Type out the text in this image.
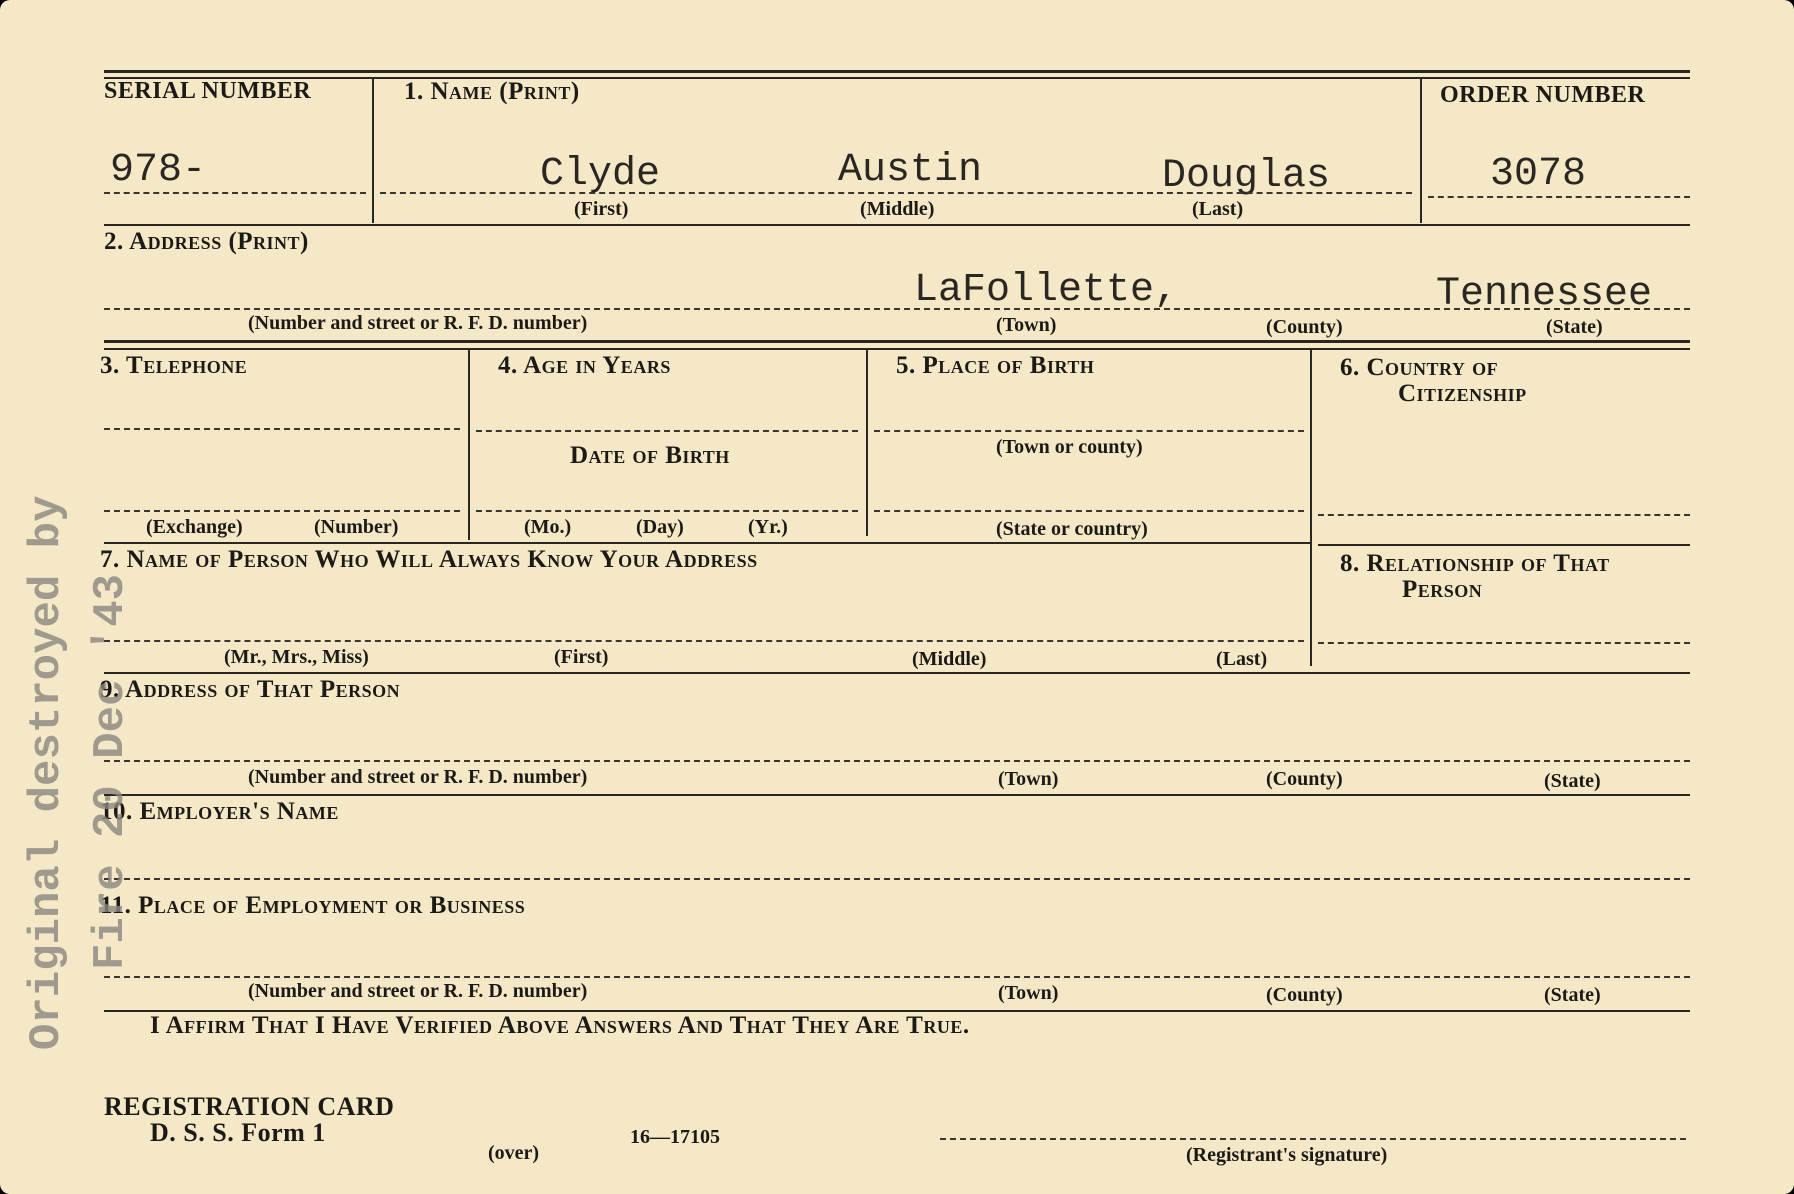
SERIAL NUMBER
978-
1. Name (Print)
Clyde	Austin	Douglas
(First)	(Middle)	(Last)
ORDER NUMBER
3078
2. Address (Print)
LaFollette,	Tennessee
(Number and street or R. F. D. number)	(Town)	(County)	(State)
3. Telephone
(Exchange)	(Number)
4. Age in Years
Date of Birth
(Mo.)	(Day)	(Yr.)
5. Place of Birth
(Town or county)
(State or country)
6. Country of
Citizenship
7. Name of Person Who Will Always Know Your Address
(Mr., Mrs., Miss)	(First)	(Middle)	(Last)
8. Relationship of That
Person
9. Address of That Person
(Number and street or R. F. D. number)	(Town)	(County)	(State)
10. Employer's Name
11. Place of Employment or Business
(Number and street or R. F. D. number)	(Town)	(County)	(State)
I Affirm That I Have Verified Above Answers And That They Are True.
REGISTRATION CARD
D. S. S. Form 1
(over)
16—17105
(Registrant's signature)
Original destroyed by Fire 20 Dec '43
